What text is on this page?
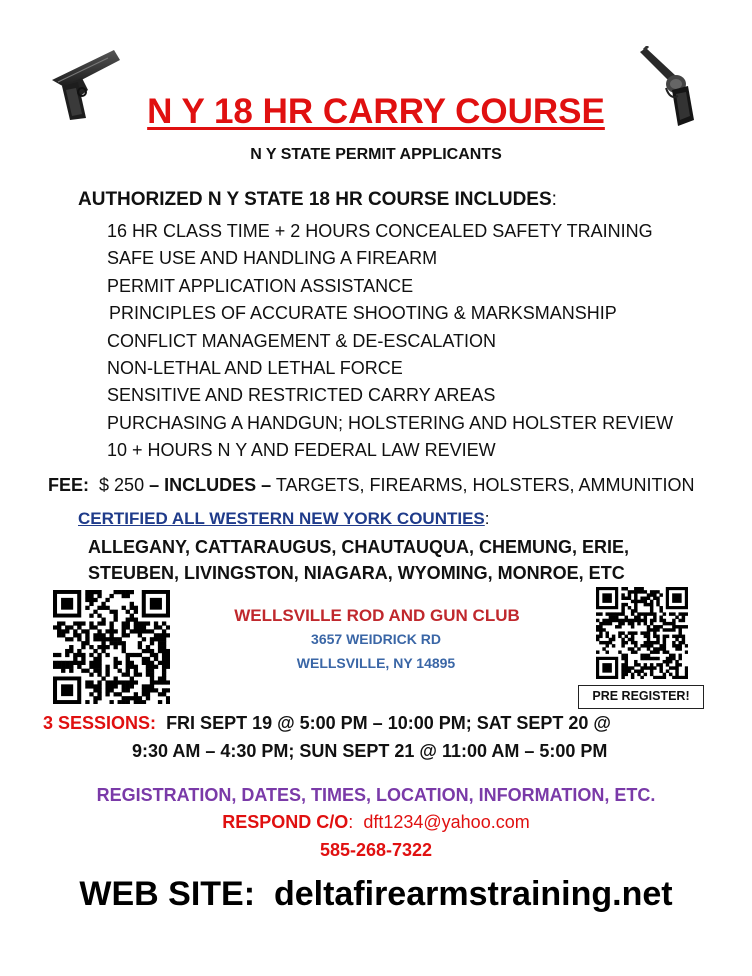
N Y 18 HR CARRY COURSE
N Y STATE PERMIT APPLICANTS
AUTHORIZED N Y STATE 18 HR COURSE INCLUDES:
16 HR CLASS TIME + 2 HOURS CONCEALED SAFETY TRAINING
SAFE USE AND HANDLING A FIREARM
PERMIT APPLICATION ASSISTANCE
PRINCIPLES OF ACCURATE SHOOTING & MARKSMANSHIP
CONFLICT MANAGEMENT & DE-ESCALATION
NON-LETHAL AND LETHAL FORCE
SENSITIVE AND RESTRICTED CARRY AREAS
PURCHASING A HANDGUN; HOLSTERING AND HOLSTER REVIEW
10 + HOURS N Y AND FEDERAL LAW REVIEW
FEE: $ 250 – INCLUDES – TARGETS, FIREARMS, HOLSTERS, AMMUNITION
CERTIFIED ALL WESTERN NEW YORK COUNTIES:
ALLEGANY, CATTARAUGUS, CHAUTAUQUA, CHEMUNG, ERIE,
STEUBEN, LIVINGSTON, NIAGARA, WYOMING, MONROE, ETC
WELLSVILLE ROD AND GUN CLUB
3657 WEIDRICK RD
WELLSVILLE, NY 14895
PRE REGISTER!
3 SESSIONS: FRI SEPT 19 @ 5:00 PM – 10:00 PM; SAT SEPT 20 @
9:30 AM – 4:30 PM; SUN SEPT 21 @ 11:00 AM – 5:00 PM
REGISTRATION, DATES, TIMES, LOCATION, INFORMATION, ETC.
RESPOND C/O: dft1234@yahoo.com
585-268-7322
WEB SITE: deltafirearmstraining.net
